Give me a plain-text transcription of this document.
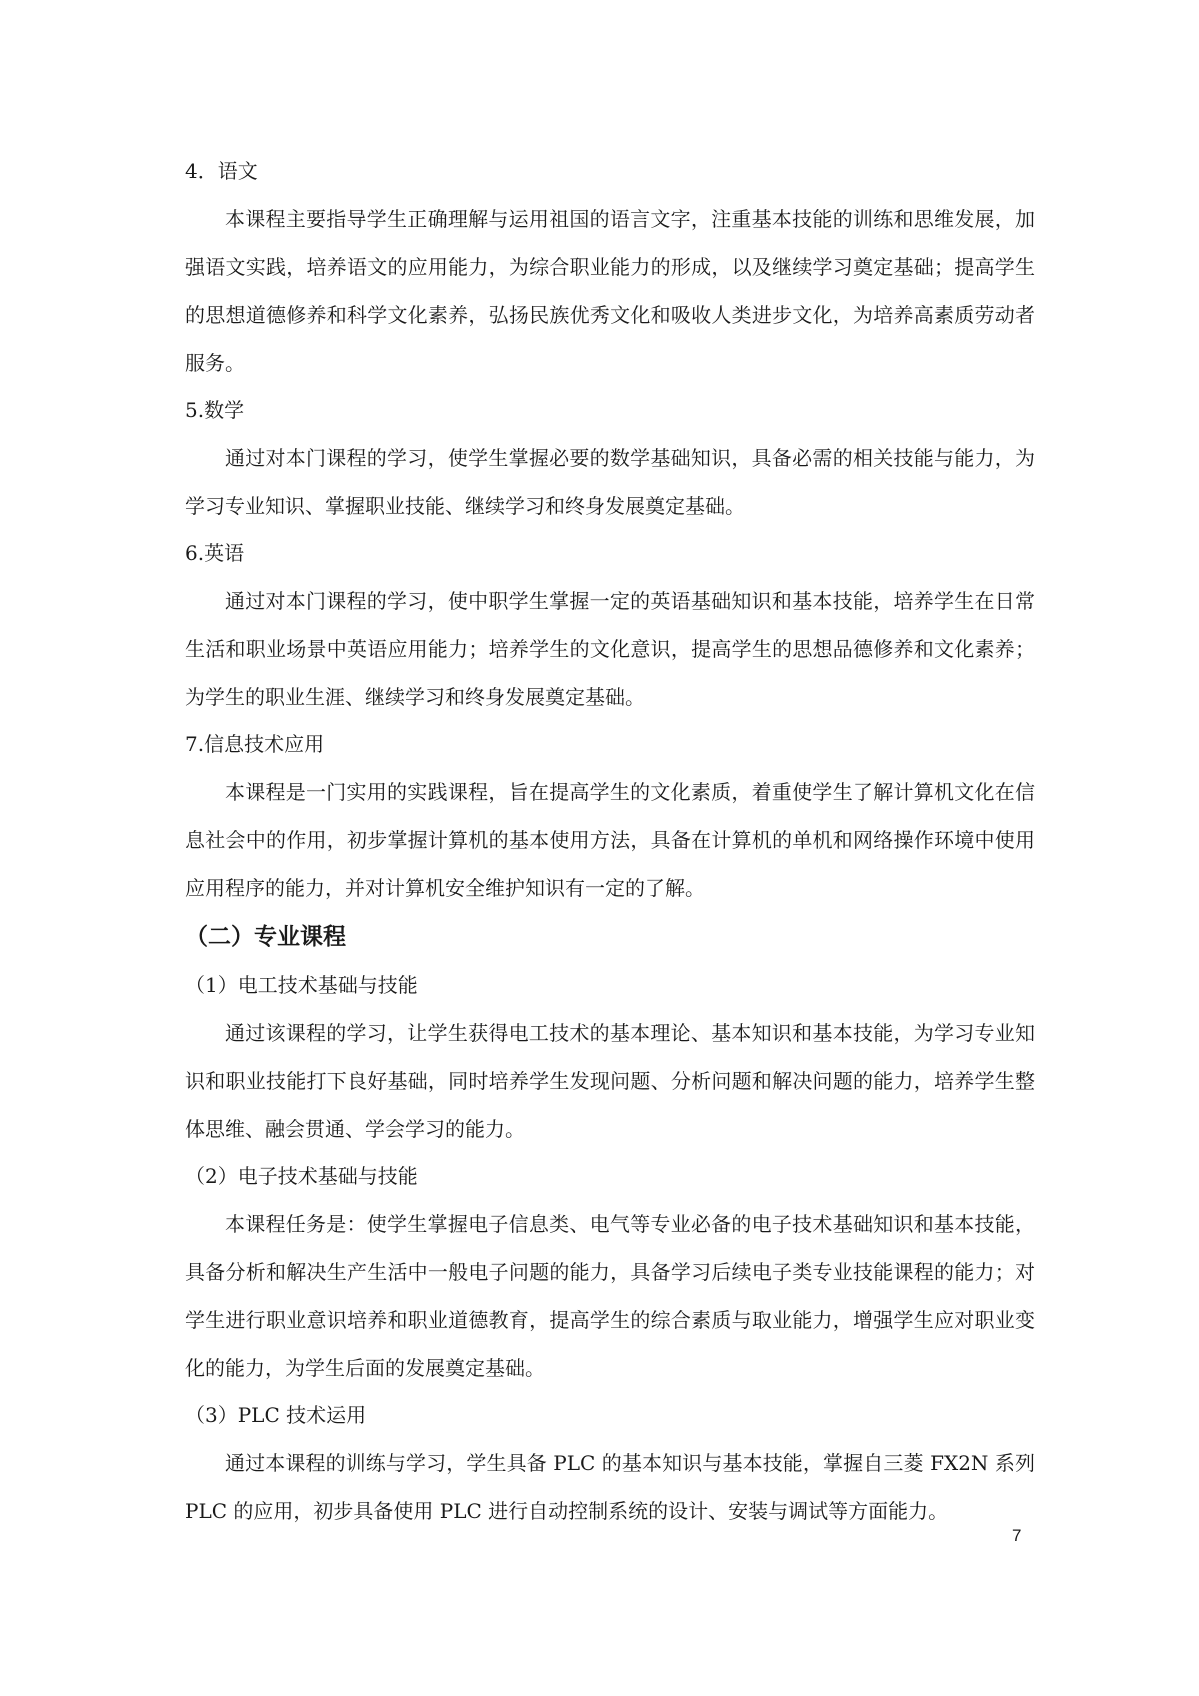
4．语文

本课程主要指导学生正确理解与运用祖国的语言文字，注重基本技能的训练和思维发展，加强语文实践，培养语文的应用能力，为综合职业能力的形成，以及继续学习奠定基础；提高学生的思想道德修养和科学文化素养，弘扬民族优秀文化和吸收人类进步文化，为培养高素质劳动者服务。

5.数学

通过对本门课程的学习，使学生掌握必要的数学基础知识，具备必需的相关技能与能力，为学习专业知识、掌握职业技能、继续学习和终身发展奠定基础。

6.英语

通过对本门课程的学习，使中职学生掌握一定的英语基础知识和基本技能，培养学生在日常生活和职业场景中英语应用能力；培养学生的文化意识，提高学生的思想品德修养和文化素养；为学生的职业生涯、继续学习和终身发展奠定基础。

7.信息技术应用

本课程是一门实用的实践课程，旨在提高学生的文化素质，着重使学生了解计算机文化在信息社会中的作用，初步掌握计算机的基本使用方法，具备在计算机的单机和网络操作环境中使用应用程序的能力，并对计算机安全维护知识有一定的了解。

（二）专业课程
（1）电工技术基础与技能

通过该课程的学习，让学生获得电工技术的基本理论、基本知识和基本技能，为学习专业知识和职业技能打下良好基础，同时培养学生发现问题、分析问题和解决问题的能力，培养学生整体思维、融会贯通、学会学习的能力。

（2）电子技术基础与技能

本课程任务是：使学生掌握电子信息类、电气等专业必备的电子技术基础知识和基本技能，具备分析和解决生产生活中一般电子问题的能力，具备学习后续电子类专业技能课程的能力；对学生进行职业意识培养和职业道德教育，提高学生的综合素质与取业能力，增强学生应对职业变化的能力，为学生后面的发展奠定基础。

（3）PLC 技术运用

通过本课程的训练与学习，学生具备 PLC 的基本知识与基本技能，掌握自三菱 FX2N 系列 PLC 的应用，初步具备使用 PLC 进行自动控制系统的设计、安装与调试等方面能力。

7
